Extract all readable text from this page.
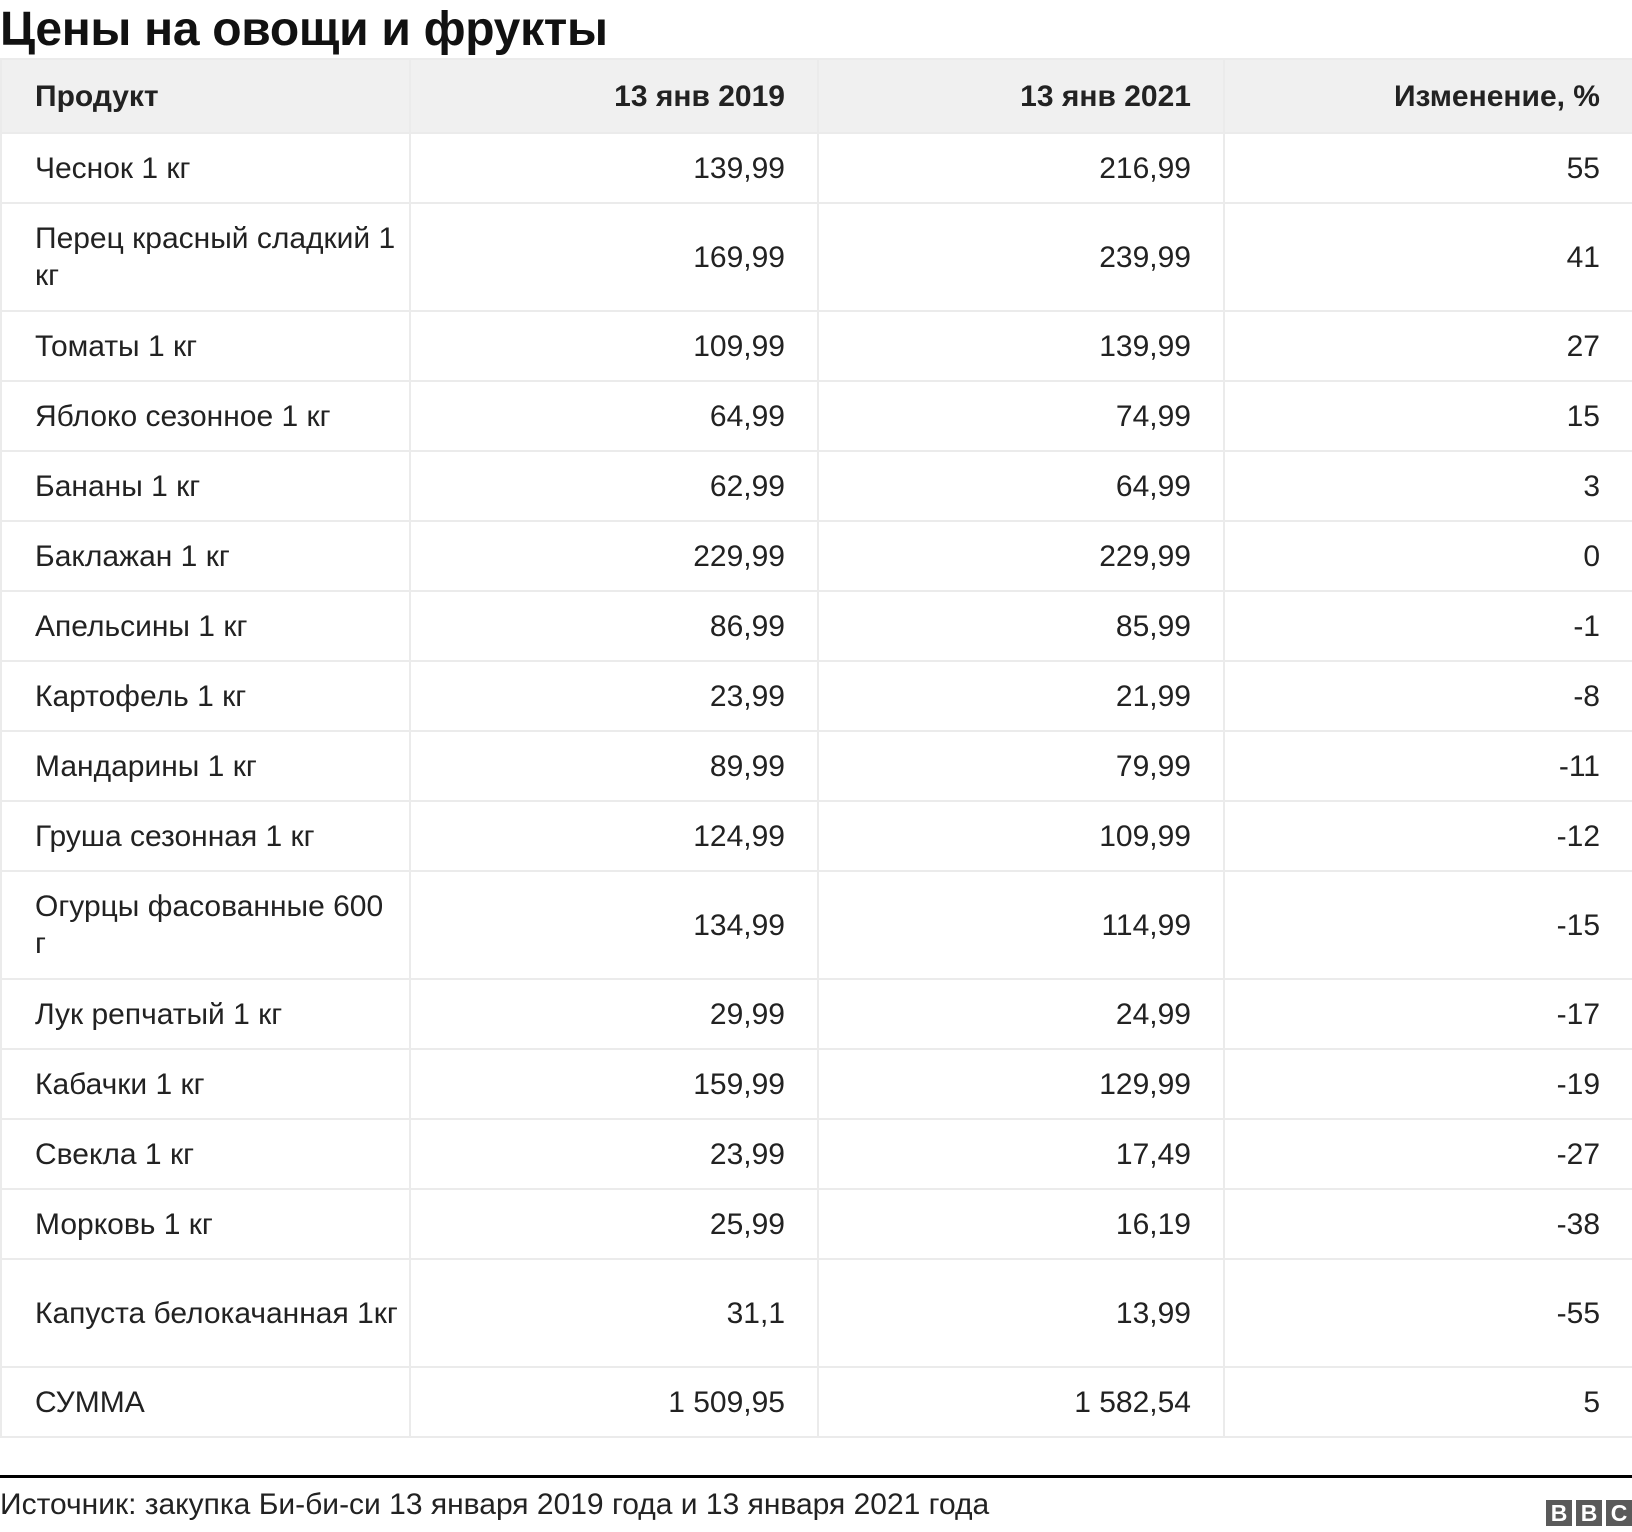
Цены на овощи и фрукты
Продукт	13 янв 2019	13 янв 2021	Изменение, %
Чеснок 1 кг	139,99	216,99	55
Перец красный сладкий 1 кг	169,99	239,99	41
Томаты 1 кг	109,99	139,99	27
Яблоко сезонное 1 кг	64,99	74,99	15
Бананы 1 кг	62,99	64,99	3
Баклажан 1 кг	229,99	229,99	0
Апельсины 1 кг	86,99	85,99	-1
Картофель 1 кг	23,99	21,99	-8
Мандарины 1 кг	89,99	79,99	-11
Груша сезонная 1 кг	124,99	109,99	-12
Огурцы фасованные 600 г	134,99	114,99	-15
Лук репчатый 1 кг	29,99	24,99	-17
Кабачки 1 кг	159,99	129,99	-19
Свекла 1 кг	23,99	17,49	-27
Морковь 1 кг	25,99	16,19	-38
Капуста белокачанная 1кг	31,1	13,99	-55
СУММА	1 509,95	1 582,54	5
Источник: закупка Би-би-си 13 января 2019 года и 13 января 2021 года	B B C
